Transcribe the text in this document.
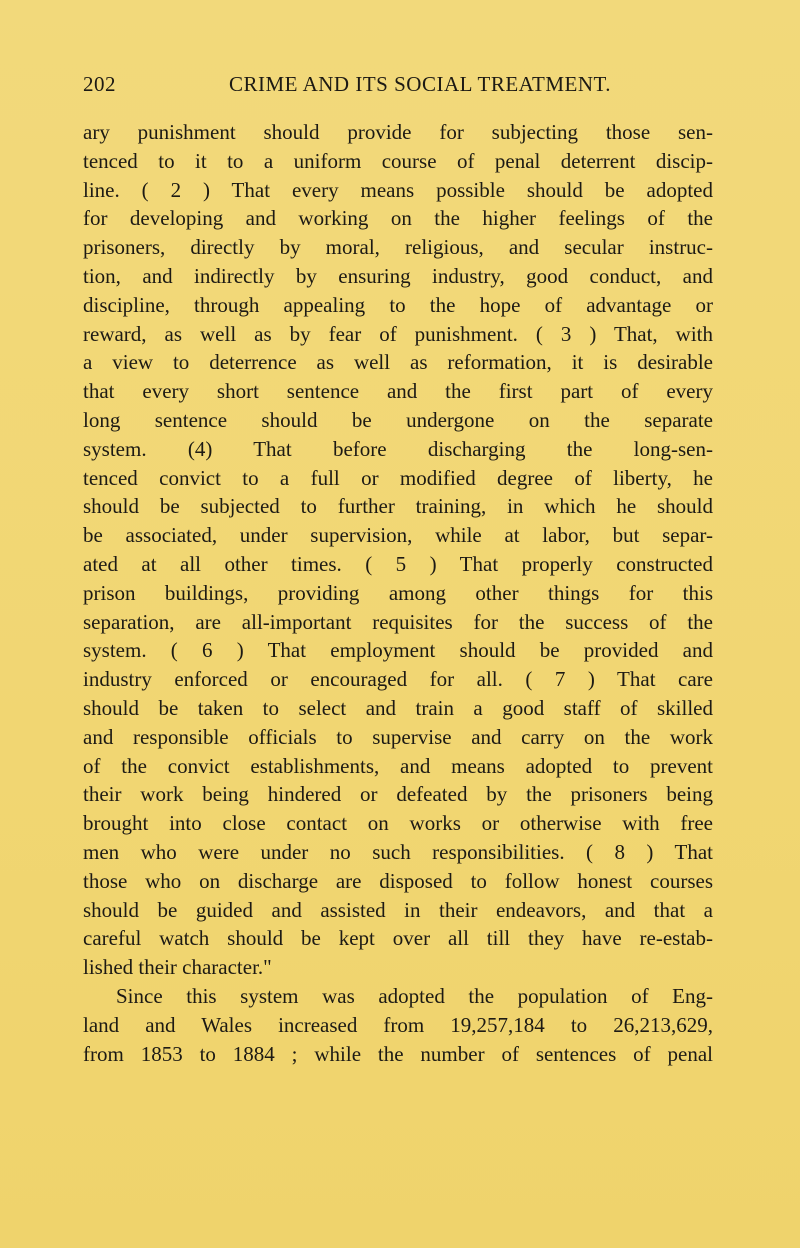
202	CRIME AND ITS SOCIAL TREATMENT.
ary punishment should provide for subjecting those sen-
tenced to it to a uniform course of penal deterrent discip-
line. ( 2 ) That every means possible should be adopted
for developing and working on the higher feelings of the
prisoners, directly by moral, religious, and secular instruc-
tion, and indirectly by ensuring industry, good conduct, and
discipline, through appealing to the hope of advantage or
reward, as well as by fear of punishment. ( 3 ) That, with
a view to deterrence as well as reformation, it is desirable
that every short sentence and the first part of every
long sentence should be undergone on the separate
system. (4) That before discharging the long-sen-
tenced convict to a full or modified degree of liberty, he
should be subjected to further training, in which he should
be associated, under supervision, while at labor, but separ-
ated at all other times. ( 5 ) That properly constructed
prison buildings, providing among other things for this
separation, are all-important requisites for the success of the
system. ( 6 ) That employment should be provided and
industry enforced or encouraged for all. ( 7 ) That care
should be taken to select and train a good staff of skilled
and responsible officials to supervise and carry on the work
of the convict establishments, and means adopted to prevent
their work being hindered or defeated by the prisoners being
brought into close contact on works or otherwise with free
men who were under no such responsibilities. ( 8 ) That
those who on discharge are disposed to follow honest courses
should be guided and assisted in their endeavors, and that a
careful watch should be kept over all till they have re-estab-
lished their character."
Since this system was adopted the population of Eng-
land and Wales increased from 19,257,184 to 26,213,629,
from 1853 to 1884 ; while the number of sentences of penal
